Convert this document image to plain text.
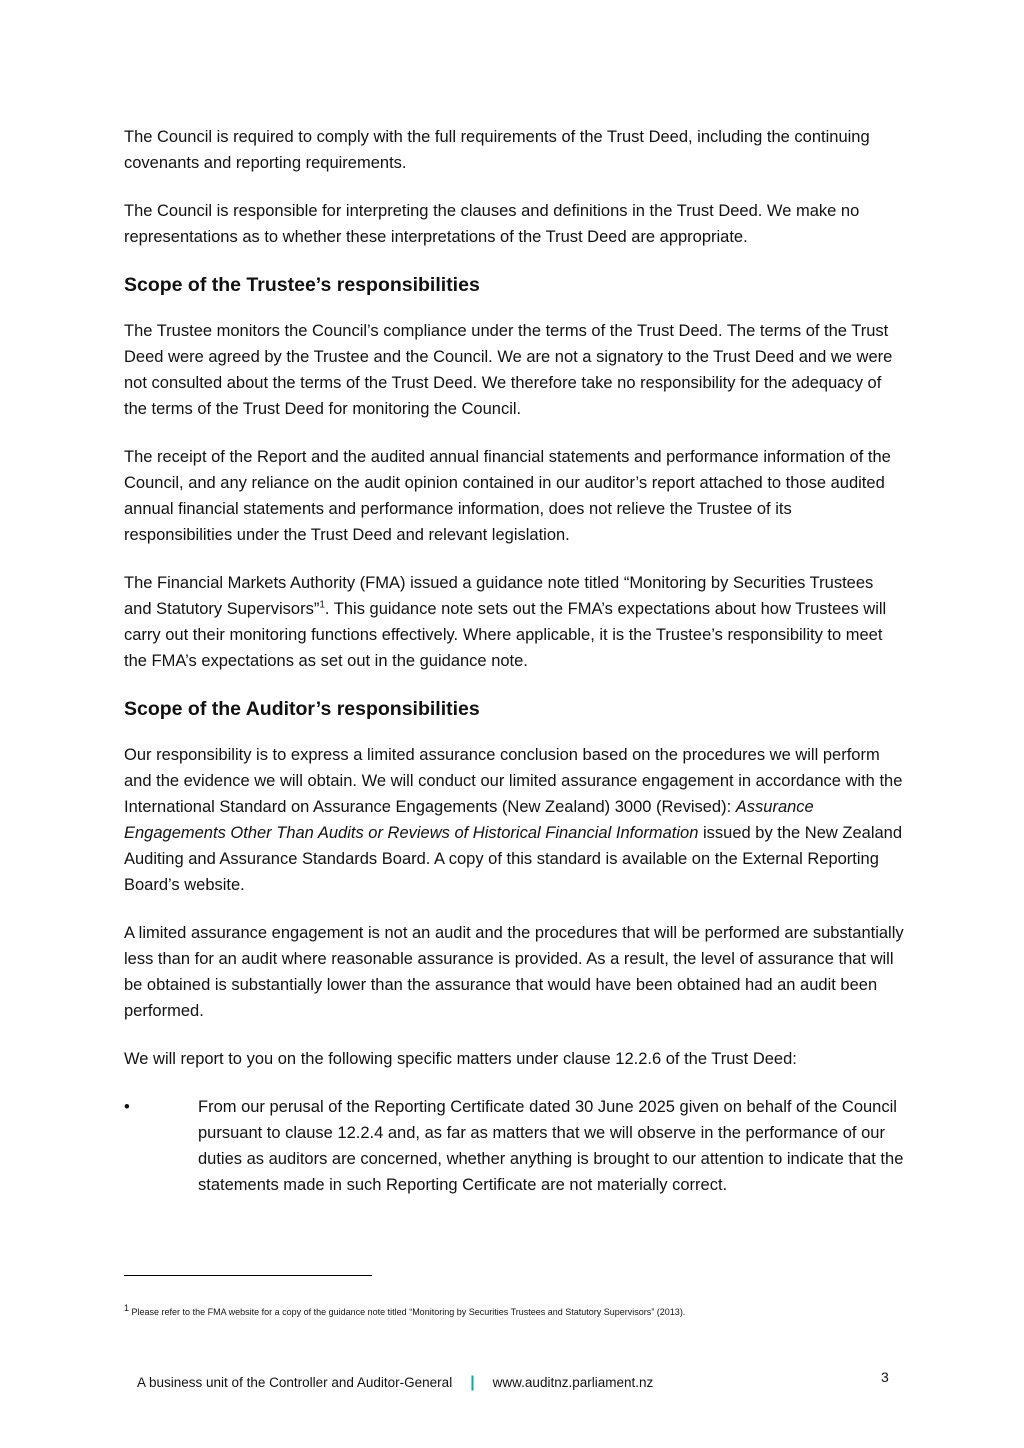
The Council is required to comply with the full requirements of the Trust Deed, including the continuing covenants and reporting requirements.

The Council is responsible for interpreting the clauses and definitions in the Trust Deed. We make no representations as to whether these interpretations of the Trust Deed are appropriate.

Scope of the Trustee’s responsibilities

The Trustee monitors the Council’s compliance under the terms of the Trust Deed. The terms of the Trust Deed were agreed by the Trustee and the Council. We are not a signatory to the Trust Deed and we were not consulted about the terms of the Trust Deed. We therefore take no responsibility for the adequacy of the terms of the Trust Deed for monitoring the Council.

The receipt of the Report and the audited annual financial statements and performance information of the Council, and any reliance on the audit opinion contained in our auditor’s report attached to those audited annual financial statements and performance information, does not relieve the Trustee of its responsibilities under the Trust Deed and relevant legislation.

The Financial Markets Authority (FMA) issued a guidance note titled “Monitoring by Securities Trustees and Statutory Supervisors”$^1$. This guidance note sets out the FMA’s expectations about how Trustees will carry out their monitoring functions effectively. Where applicable, it is the Trustee’s responsibility to meet the FMA’s expectations as set out in the guidance note.

Scope of the Auditor’s responsibilities

Our responsibility is to express a limited assurance conclusion based on the procedures we will perform and the evidence we will obtain. We will conduct our limited assurance engagement in accordance with the International Standard on Assurance Engagements (New Zealand) 3000 (Revised): Assurance Engagements Other Than Audits or Reviews of Historical Financial Information issued by the New Zealand Auditing and Assurance Standards Board. A copy of this standard is available on the External Reporting Board’s website.

A limited assurance engagement is not an audit and the procedures that will be performed are substantially less than for an audit where reasonable assurance is provided. As a result, the level of assurance that will be obtained is substantially lower than the assurance that would have been obtained had an audit been performed.

We will report to you on the following specific matters under clause 12.2.6 of the Trust Deed:

•	From our perusal of the Reporting Certificate dated 30 June 2025 given on behalf of the Council pursuant to clause 12.2.4 and, as far as matters that we will observe in the performance of our duties as auditors are concerned, whether anything is brought to our attention to indicate that the statements made in such Reporting Certificate are not materially correct.
$^1$ Please refer to the FMA website for a copy of the guidance note titled “Monitoring by Securities Trustees and Statutory Supervisors” (2013).
A business unit of the Controller and Auditor-General | www.auditnz.parliament.nz	3
